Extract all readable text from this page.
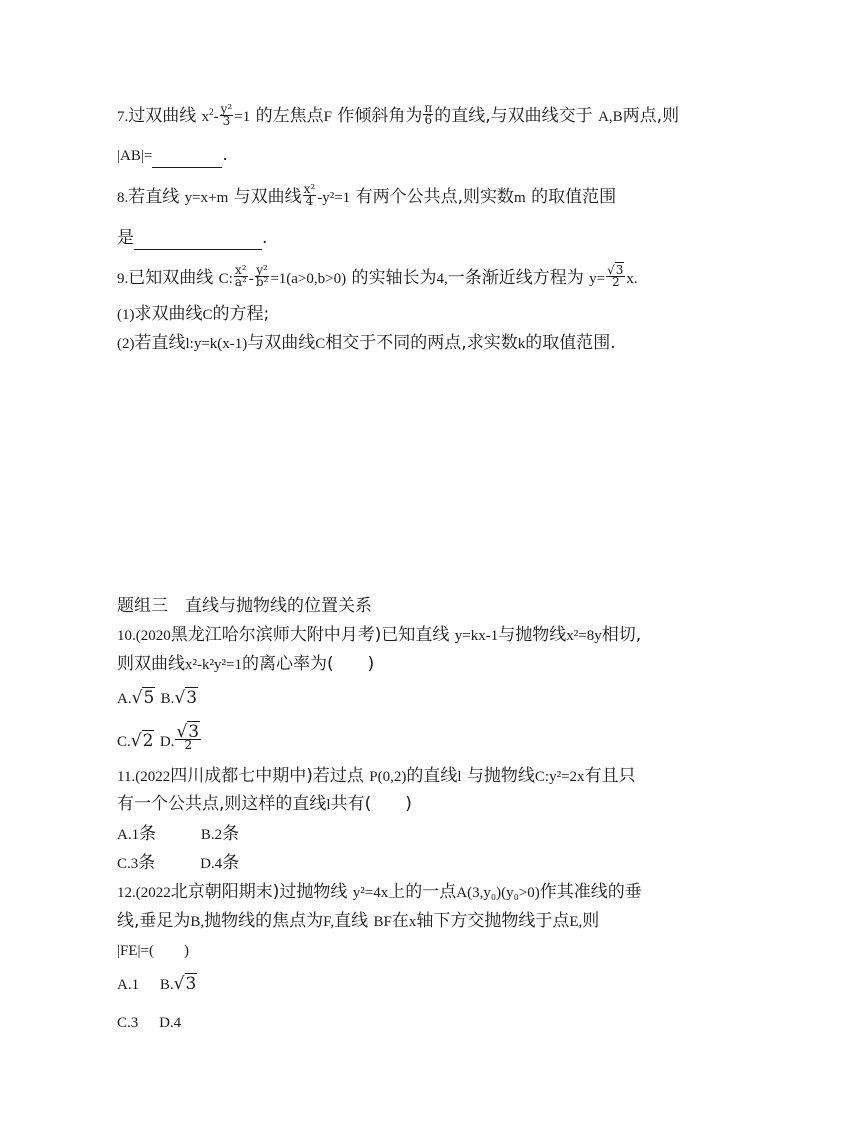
7.过双曲线 $x^2- \frac{\text{y²}}{3} =1$ 的左焦点F 作倾斜角为 $\frac{\pi}{6}$ 的直线,与双曲线交于 A,B两点,则
|AB|=	.
8.若直线 y=x+m 与双曲线 $\frac{\text{x²}}{4} -y^2=1$ 有两个公共点,则实数m 的取值范围
是	.
9.已知双曲线 C: $\frac{\text{x²}}{\text{a²}} - \frac{\text{y²}}{\text{b²}} =1(a>0,b>0)$ 的实轴长为4,一条渐近线方程为 $y= \frac{√3}{2} x$.
(1)求双曲线C的方程;
(2)若直线l:y=k(x-1)与双曲线C相交于不同的两点,求实数k的取值范围.
题组三　直线与抛物线的位置关系
10.(2020黑龙江哈尔滨师大附中月考)已知直线 y=kx-1与抛物线x²=8y相切,
则双曲线x²-k²y²=1的离心率为(　　)
A.√5 B.√3
C.√2 D. $\frac{√3}{2}$
11.(2022四川成都七中期中)若过点 P(0,2)的直线l 与抛物线C:y²=2x有且只
有一个公共点,则这样的直线l共有(　　)
A.1条	B.2条
C.3条	D.4条
12.(2022北京朝阳期末)过抛物线 y²=4x上的一点A(3,y₀)(y₀>0)作其准线的垂
线,垂足为B,抛物线的焦点为F,直线 BF在x轴下方交抛物线于点E,则
|FE|=(　　)
A.1 B.√3
C.3 D.4
